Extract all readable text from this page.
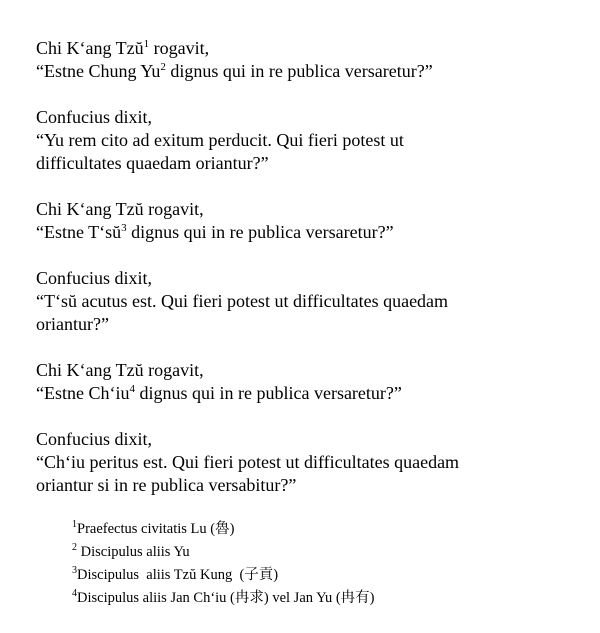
Chi K‘ang Tzŭ$^1$ rogavit,
“Estne Chung Yu$^2$ dignus qui in re publica versaretur?”
Confucius dixit,
“Yu rem cito ad exitum perducit. Qui fieri potest ut
difficultates quaedam oriantur?”
Chi K‘ang Tzŭ rogavit,
“Estne $T‘sŭ^3$ dignus qui in re publica versaretur?”
Confucius dixit,
“T‘sŭ acutus est. Qui fieri potest ut difficultates quaedam
oriantur?”
Chi K‘ang Tzŭ rogavit,
“Estne $Ch‘iu^4$ dignus qui in re publica versaretur?”
Confucius dixit,
“Ch‘iu peritus est. Qui fieri potest ut difficultates quaedam
oriantur si in re publica versabitur?”
$^1$Praefectus civitatis Lu (魯)
$^2$ Discipulus aliis Yu
$^3$Discipulus  aliis Tzŭ Kung  (子貢)
$^4$Discipulus aliis Jan Ch‘iu (冉求) vel Jan Yu (冉有)
